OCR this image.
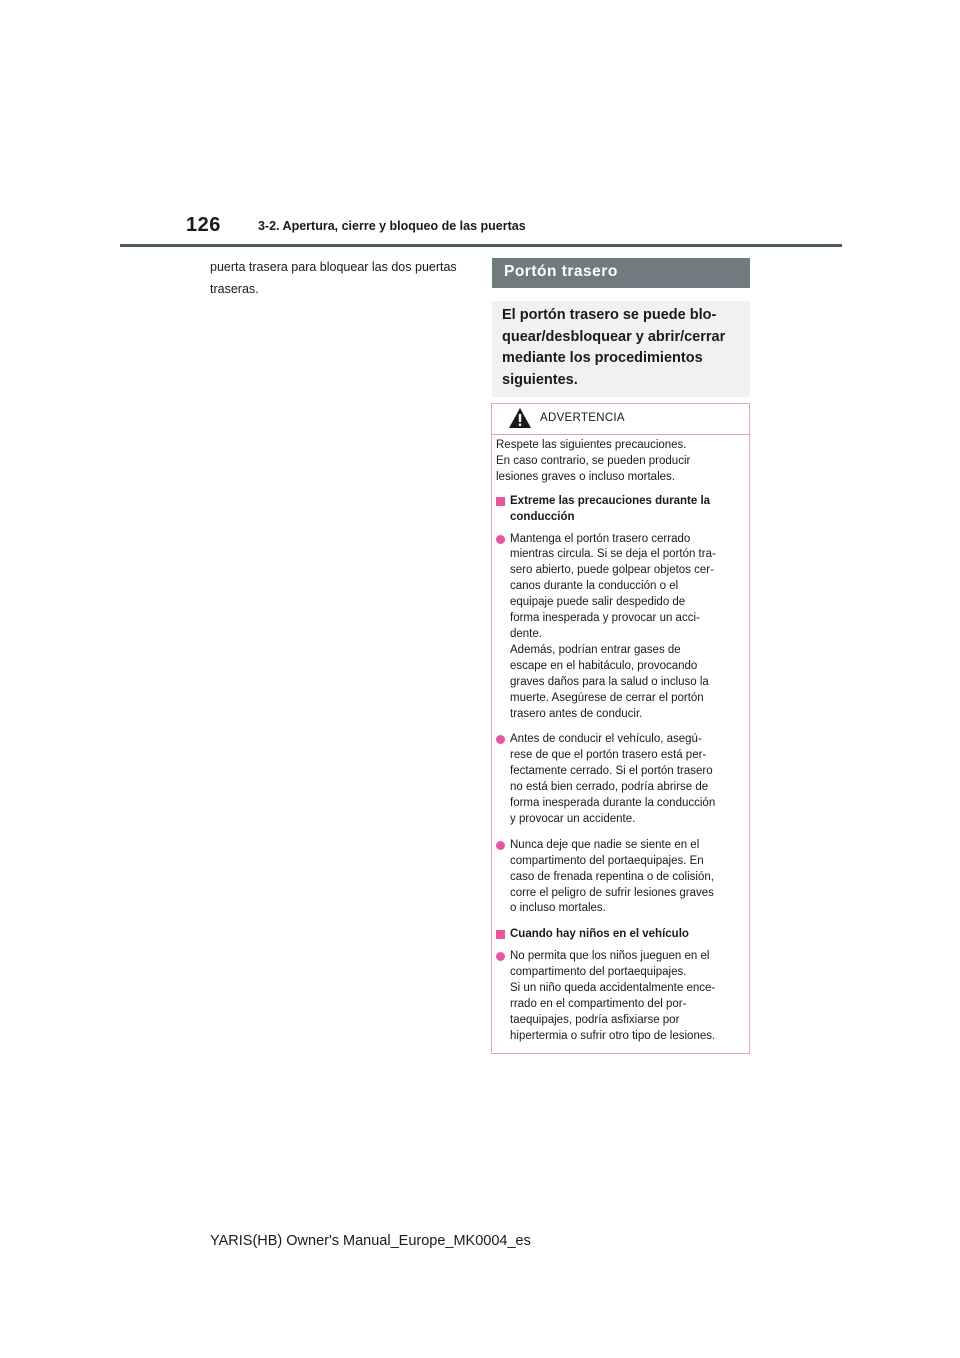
126	3-2. Apertura, cierre y bloqueo de las puertas
puerta trasera para bloquear las dos puertas
traseras.
Portón trasero
El portón trasero se puede blo-
quear/desbloquear y abrir/cerrar
mediante los procedimientos
siguientes.
ADVERTENCIA
Respete las siguientes precauciones.
En caso contrario, se pueden producir
lesiones graves o incluso mortales.
Extreme las precauciones durante la
conducción
Mantenga el portón trasero cerrado
mientras circula. Si se deja el portón tra-
sero abierto, puede golpear objetos cer-
canos durante la conducción o el
equipaje puede salir despedido de
forma inesperada y provocar un acci-
dente.
Además, podrían entrar gases de
escape en el habitáculo, provocando
graves daños para la salud o incluso la
muerte. Asegúrese de cerrar el portón
trasero antes de conducir.
Antes de conducir el vehículo, asegú-
rese de que el portón trasero está per-
fectamente cerrado. Si el portón trasero
no está bien cerrado, podría abrirse de
forma inesperada durante la conducción
y provocar un accidente.
Nunca deje que nadie se siente en el
compartimento del portaequipajes. En
caso de frenada repentina o de colisión,
corre el peligro de sufrir lesiones graves
o incluso mortales.
Cuando hay niños en el vehículo
No permita que los niños jueguen en el
compartimento del portaequipajes.
Si un niño queda accidentalmente ence-
rrado en el compartimento del por-
taequipajes, podría asfixiarse por
hipertermia o sufrir otro tipo de lesiones.
YARIS(HB) Owner's Manual_Europe_MK0004_es
